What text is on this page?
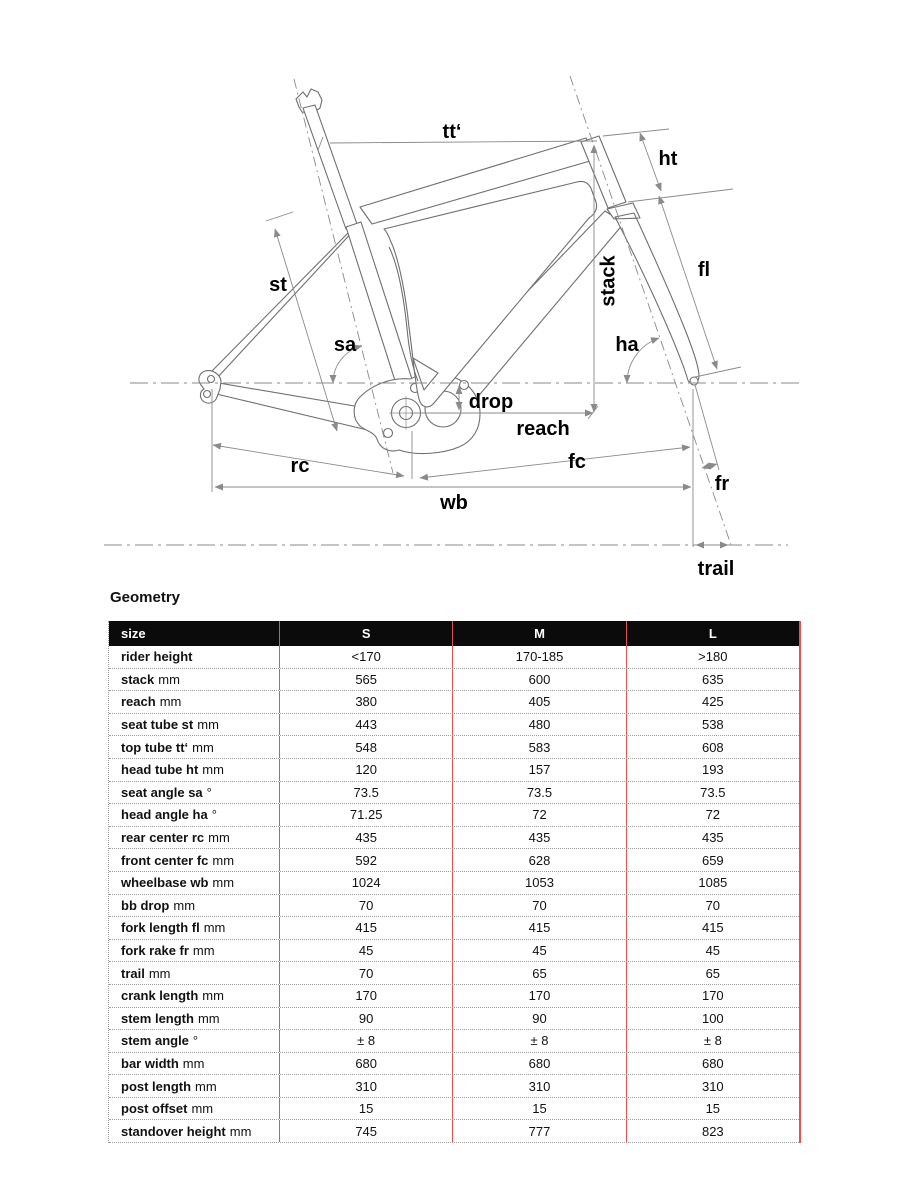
tt‘
ht
fl
stack
st
sa	ha
drop
reach
rc	fc
wb
fr
trail
Geometry
size	S	M	L
rider height	<170	170-185	>180
stack mm	565	600	635
reach mm	380	405	425
seat tube st mm	443	480	538
top tube tt‘ mm	548	583	608
head tube ht mm	120	157	193
seat angle sa °	73.5	73.5	73.5
head angle ha °	71.25	72	72
rear center rc mm	435	435	435
front center fc mm	592	628	659
wheelbase wb mm	1024	1053	1085
bb drop mm	70	70	70
fork length fl mm	415	415	415
fork rake fr mm	45	45	45
trail mm	70	65	65
crank length mm	170	170	170
stem length mm	90	90	100
stem angle °	± 8	± 8	± 8
bar width mm	680	680	680
post length mm	310	310	310
post offset mm	15	15	15
standover height mm	745	777	823
